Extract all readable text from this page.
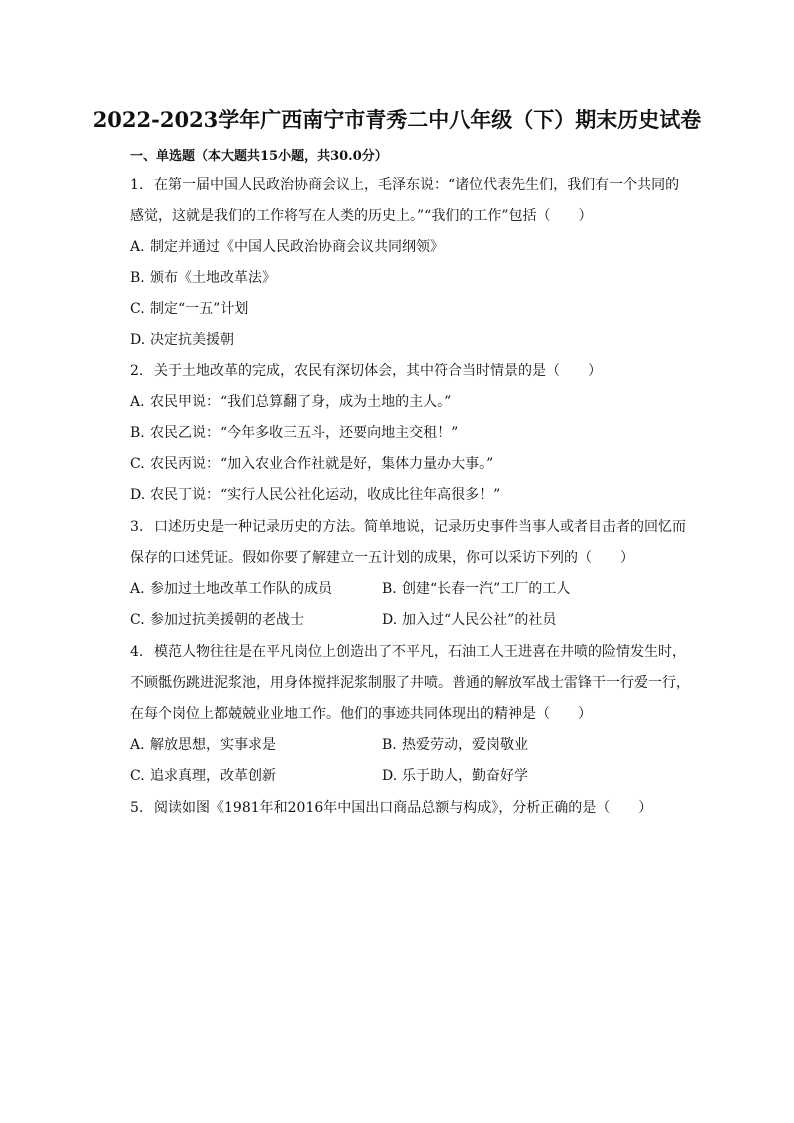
2022-2023学年广西南宁市青秀二中八年级（下）期末历史试卷
一、单选题（本大题共15小题，共30.0分）
1. 在第一届中国人民政治协商会议上，毛泽东说：“诸位代表先生们，我们有一个共同的
感觉，这就是我们的工作将写在人类的历史上。”“我们的工作”包括（　　）
A. 制定并通过《中国人民政治协商会议共同纲领》
B. 颁布《土地改革法》
C. 制定“一五”计划
D. 决定抗美援朝
2. 关于土地改革的完成，农民有深切体会，其中符合当时情景的是（　　）
A. 农民甲说：“我们总算翻了身，成为土地的主人。”
B. 农民乙说：“今年多收三五斗，还要向地主交租！”
C. 农民丙说：“加入农业合作社就是好，集体力量办大事。”
D. 农民丁说：“实行人民公社化运动，收成比往年高很多！”
3. 口述历史是一种记录历史的方法。简单地说，记录历史事件当事人或者目击者的回忆而
保存的口述凭证。假如你要了解建立一五计划的成果，你可以采访下列的（　　）
A. 参加过土地改革工作队的成员	B. 创建“长春一汽”工厂的工人
C. 参加过抗美援朝的老战士	D. 加入过“人民公社”的社员
4. 模范人物往往是在平凡岗位上创造出了不平凡，石油工人王进喜在井喷的险情发生时，
不顾骶伤跳进泥浆池，用身体搅拌泥浆制服了井喷。普通的解放军战士雷锋干一行爱一行，
在每个岗位上都兢兢业业地工作。他们的事迹共同体现出的精神是（　　）
A. 解放思想，实事求是	B. 热爱劳动，爱岗敬业
C. 追求真理，改革创新	D. 乐于助人，勤奋好学
5. 阅读如图《1981年和2016年中国出口商品总额与构成》，分析正确的是（　　）
